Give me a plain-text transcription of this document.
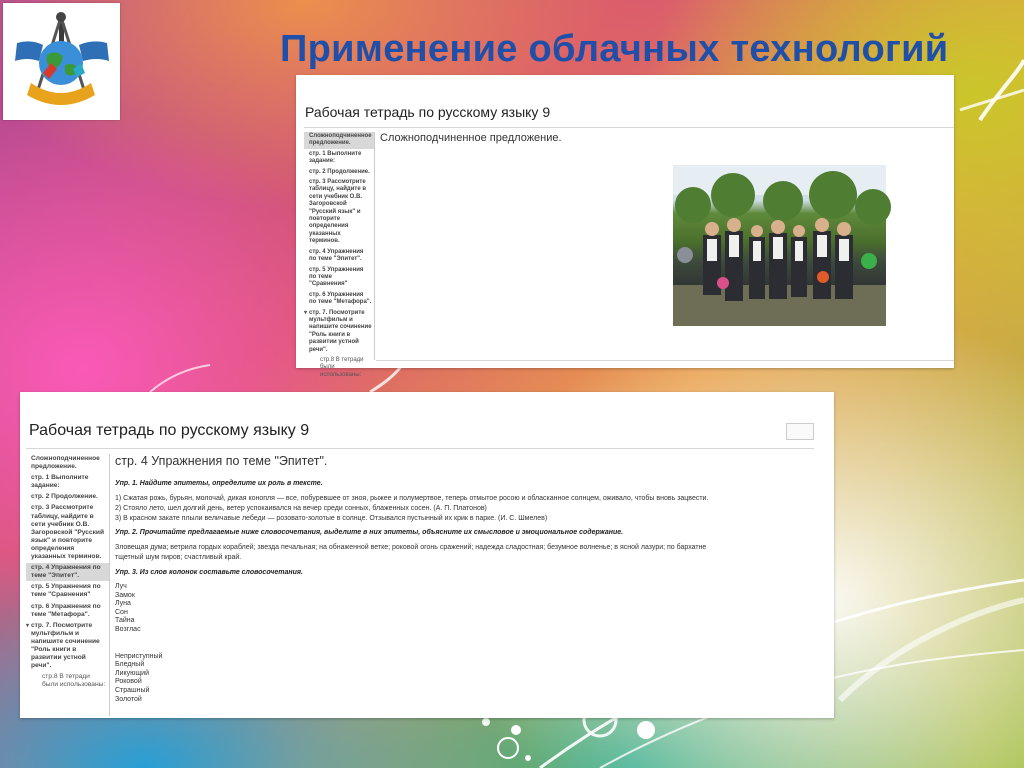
Применение облачных технологий
Рабочая тетрадь по русскому языку 9
Сложноподчиненное предложение.
стр. 1 Выполните задание:
стр. 2 Продолжение.
стр. 3 Рассмотрите таблицу, найдите в сети учебник О.В. Загоровской "Русский язык" и повторите определения указанных терминов.
стр. 4 Упражнения по теме "Эпитет".
стр. 5 Упражнения по теме "Сравнения"
стр. 6 Упражнения по теме "Метафора".
▾ стр. 7. Посмотрите мультфильм и напишите сочинение "Роль книги в развитии устной речи".
стр.8 В тетради были использованы:
Сложноподчиненное предложение.
Рабочая тетрадь по русскому языку 9
Сложноподчиненное предложение.
стр. 1 Выполните задание:
стр. 2 Продолжение.
стр. 3 Рассмотрите таблицу, найдите в сети учебник О.В. Загоровской "Русский язык" и повторите определения указанных терминов.
стр. 4 Упражнения по теме "Эпитет".
стр. 5 Упражнения по теме "Сравнения"
стр. 6 Упражнения по теме "Метафора".
▾ стр. 7. Посмотрите мультфильм и напишите сочинение "Роль книги в развитии устной речи".
стр.8 В тетради были использованы:
стр. 4 Упражнения по теме "Эпитет".
Упр. 1. Найдите эпитеты, определите их роль в тексте.
1) Сжатая рожь, бурьян, молочай, дикая конопля — все, побуревшее от зноя, рыжее и полумертвое, теперь отмытое росою и обласканное солнцем, оживало, чтобы вновь зацвести.
2) Стояло лето, шел долгий день, ветер успокаивался на вечер среди сонных, блаженных сосен. (А. П. Платонов)
3) В красном закате плыли величавые лебеди — розовато-золотые в солнце. Отзывался пустынный их крик в парке. (И. С. Шмелев)
Упр. 2. Прочитайте предлагаемые ниже словосочетания, выделите в них эпитеты, объясните их смысловое и эмоциональное содержание.
Зловещая дума; ветрила гордых кораблей; звезда печальная; на обнаженной ветке; роковой огонь сражений; надежда сладостная; безумное волненье; в ясной лазури; по бархатне
тщетный шум пиров; счастливый край.
Упр. 3. Из слов колонок составьте словосочетания.
Луч
Замок
Луна
Сон
Тайна
Возглас
Неприступный
Бледный
Ликующий
Роковой
Страшный
Золотой
